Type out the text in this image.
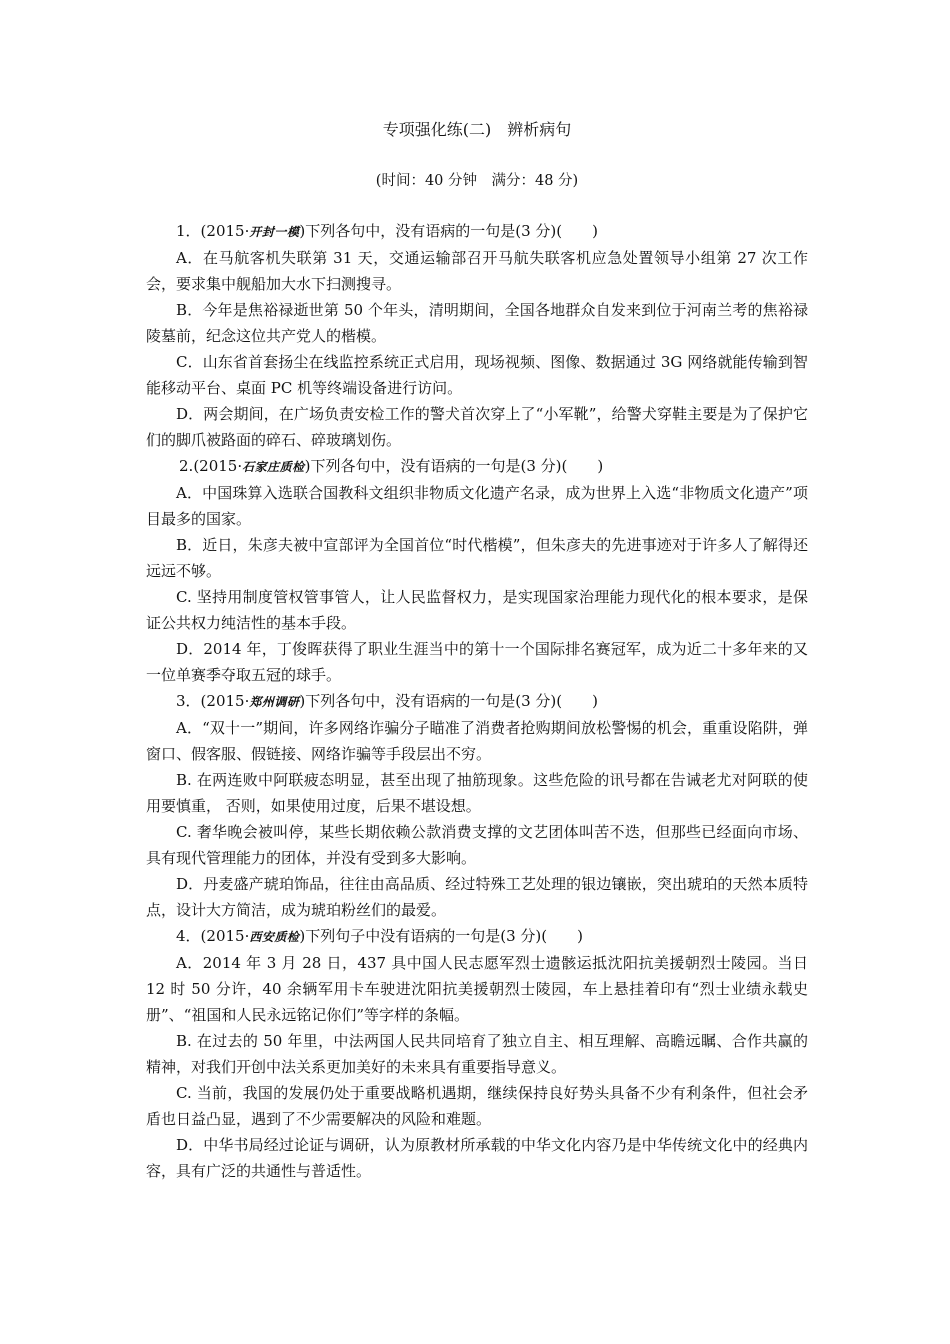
专项强化练(二)　辨析病句
(时间：40 分钟　满分：48 分)

1．(2015·开封一模)下列各句中，没有语病的一句是(3 分)(　　)

A．在马航客机失联第 31 天，交通运输部召开马航失联客机应急处置领导小组第 27 次工作会，要求集中舰船加大水下扫测搜寻。

B．今年是焦裕禄逝世第 50 个年头，清明期间，全国各地群众自发来到位于河南兰考的焦裕禄陵墓前，纪念这位共产党人的楷模。

C．山东省首套扬尘在线监控系统正式启用，现场视频、图像、数据通过 3G 网络就能传输到智能移动平台、桌面 PC 机等终端设备进行访问。

D．两会期间，在广场负责安检工作的警犬首次穿上了“小军靴”，给警犬穿鞋主要是为了保护它们的脚爪被路面的碎石、碎玻璃划伤。

2.(2015·石家庄质检)下列各句中，没有语病的一句是(3 分)(　　)

A．中国珠算入选联合国教科文组织非物质文化遗产名录，成为世界上入选“非物质文化遗产”项目最多的国家。

B．近日，朱彦夫被中宣部评为全国首位“时代楷模”，但朱彦夫的先进事迹对于许多人了解得还远远不够。

C. 坚持用制度管权管事管人，让人民监督权力，是实现国家治理能力现代化的根本要求，是保证公共权力纯洁性的基本手段。

D．2014 年，丁俊晖获得了职业生涯当中的第十一个国际排名赛冠军，成为近二十多年来的又一位单赛季夺取五冠的球手。

3．(2015·郑州调研)下列各句中，没有语病的一句是(3 分)(　　)

A．“双十一”期间，许多网络诈骗分子瞄准了消费者抢购期间放松警惕的机会，重重设陷阱，弹窗口、假客服、假链接、网络诈骗等手段层出不穷。

B. 在两连败中阿联疲态明显，甚至出现了抽筋现象。这些危险的讯号都在告诫老尤对阿联的使用要慎重， 否则，如果使用过度，后果不堪设想。

C. 奢华晚会被叫停，某些长期依赖公款消费支撑的文艺团体叫苦不迭，但那些已经面向市场、具有现代管理能力的团体，并没有受到多大影响。

D．丹麦盛产琥珀饰品，往往由高品质、经过特殊工艺处理的银边镶嵌，突出琥珀的天然本质特点，设计大方简洁，成为琥珀粉丝们的最爱。

4．(2015·西安质检)下列句子中没有语病的一句是(3 分)(　　)

A．2014 年 3 月 28 日，437 具中国人民志愿军烈士遗骸运抵沈阳抗美援朝烈士陵园。当日 12 时 50 分许，40 余辆军用卡车驶进沈阳抗美援朝烈士陵园，车上悬挂着印有“烈士业绩永载史册”、“祖国和人民永远铭记你们”等字样的条幅。

B. 在过去的 50 年里，中法两国人民共同培育了独立自主、相互理解、高瞻远瞩、合作共赢的精神，对我们开创中法关系更加美好的未来具有重要指导意义。

C. 当前，我国的发展仍处于重要战略机遇期，继续保持良好势头具备不少有利条件，但社会矛盾也日益凸显，遇到了不少需要解决的风险和难题。

D．中华书局经过论证与调研，认为原教材所承载的中华文化内容乃是中华传统文化中的经典内容，具有广泛的共通性与普适性。
